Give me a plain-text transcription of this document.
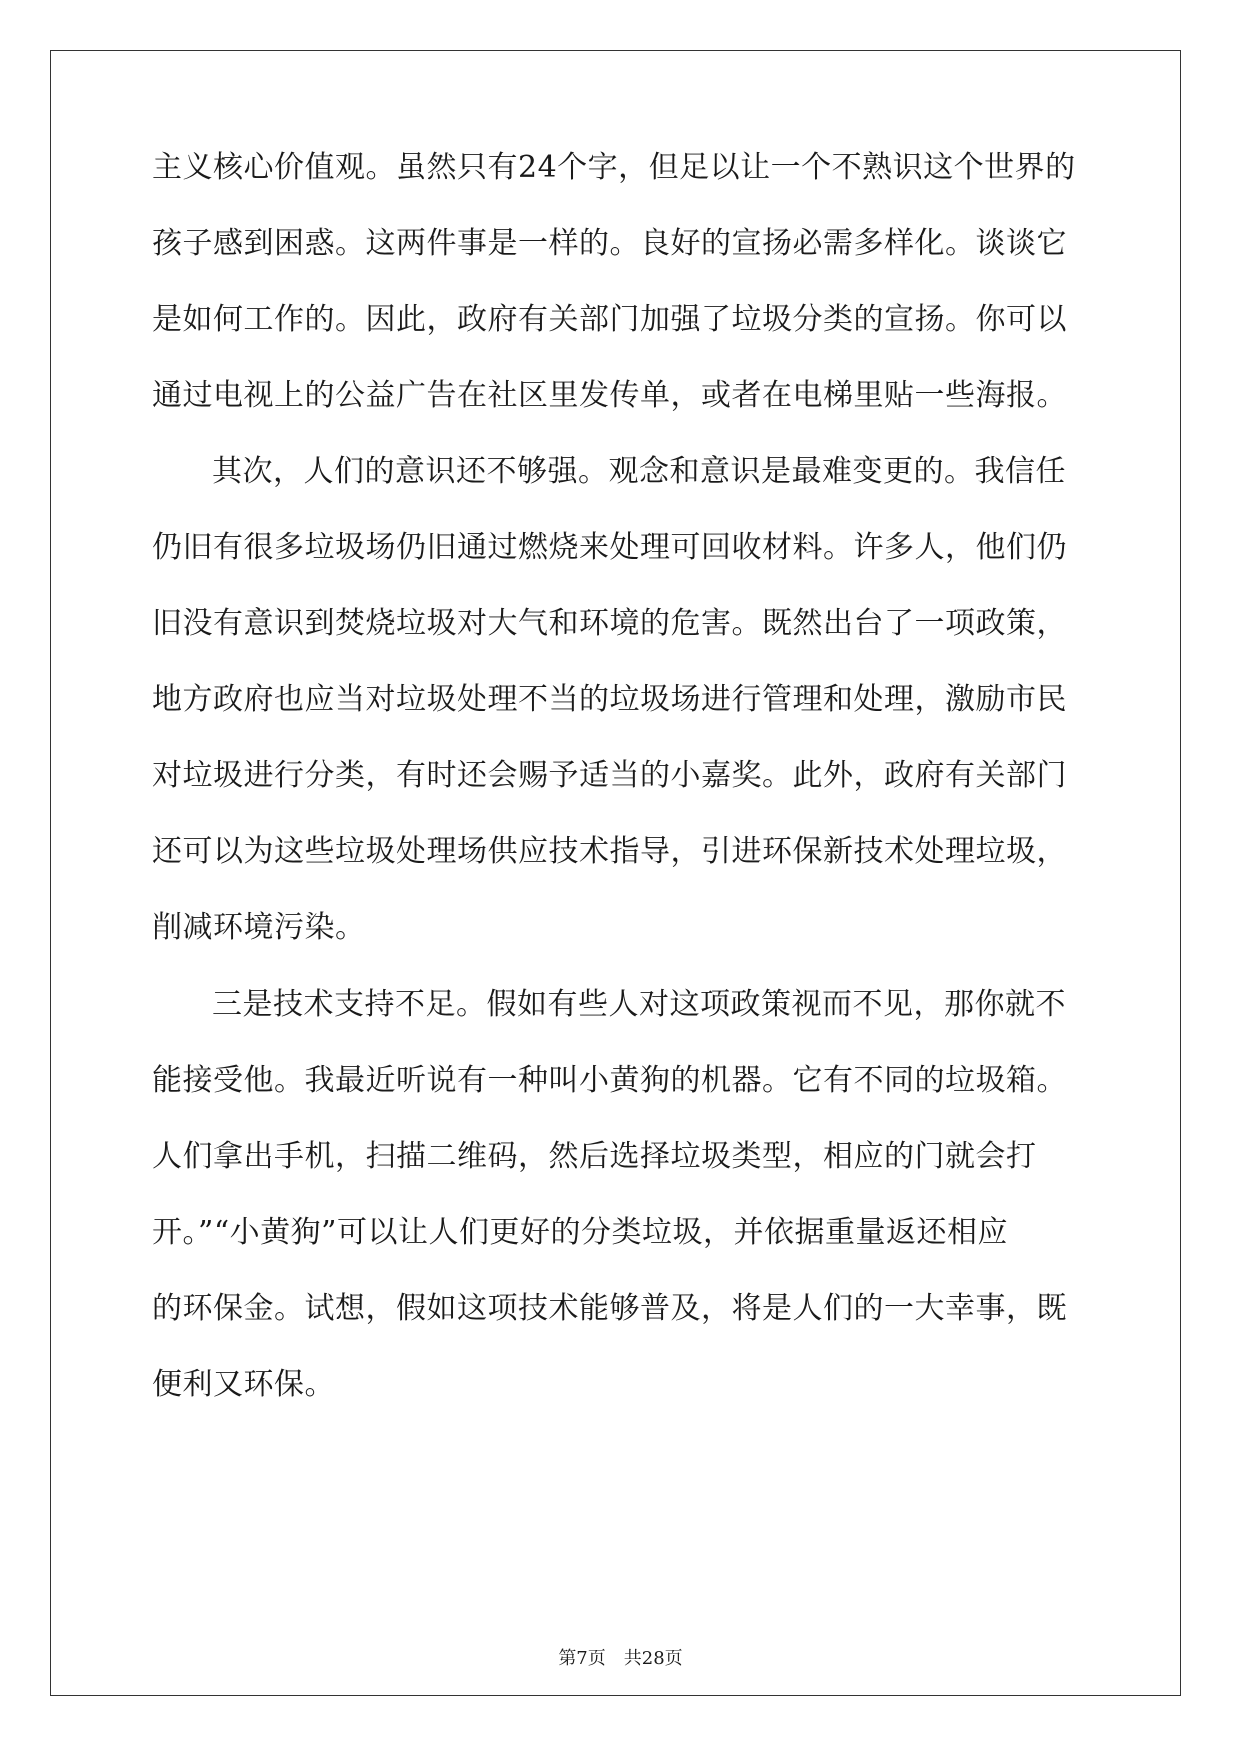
主义核心价值观。虽然只有24个字，但足以让一个不熟识这个世界的

孩子感到困惑。这两件事是一样的。良好的宣扬必需多样化。谈谈它

是如何工作的。因此，政府有关部门加强了垃圾分类的宣扬。你可以

通过电视上的公益广告在社区里发传单，或者在电梯里贴一些海报。

其次，人们的意识还不够强。观念和意识是最难变更的。我信任

仍旧有很多垃圾场仍旧通过燃烧来处理可回收材料。许多人，他们仍

旧没有意识到焚烧垃圾对大气和环境的危害。既然出台了一项政策，

地方政府也应当对垃圾处理不当的垃圾场进行管理和处理，激励市民

对垃圾进行分类，有时还会赐予适当的小嘉奖。此外，政府有关部门

还可以为这些垃圾处理场供应技术指导，引进环保新技术处理垃圾，

削减环境污染。

三是技术支持不足。假如有些人对这项政策视而不见，那你就不

能接受他。我最近听说有一种叫小黄狗的机器。它有不同的垃圾箱。

人们拿出手机，扫描二维码，然后选择垃圾类型，相应的门就会打

开。”“小黄狗”可以让人们更好的分类垃圾，并依据重量返还相应

的环保金。试想，假如这项技术能够普及，将是人们的一大幸事，既

便利又环保。

第7页　共28页
